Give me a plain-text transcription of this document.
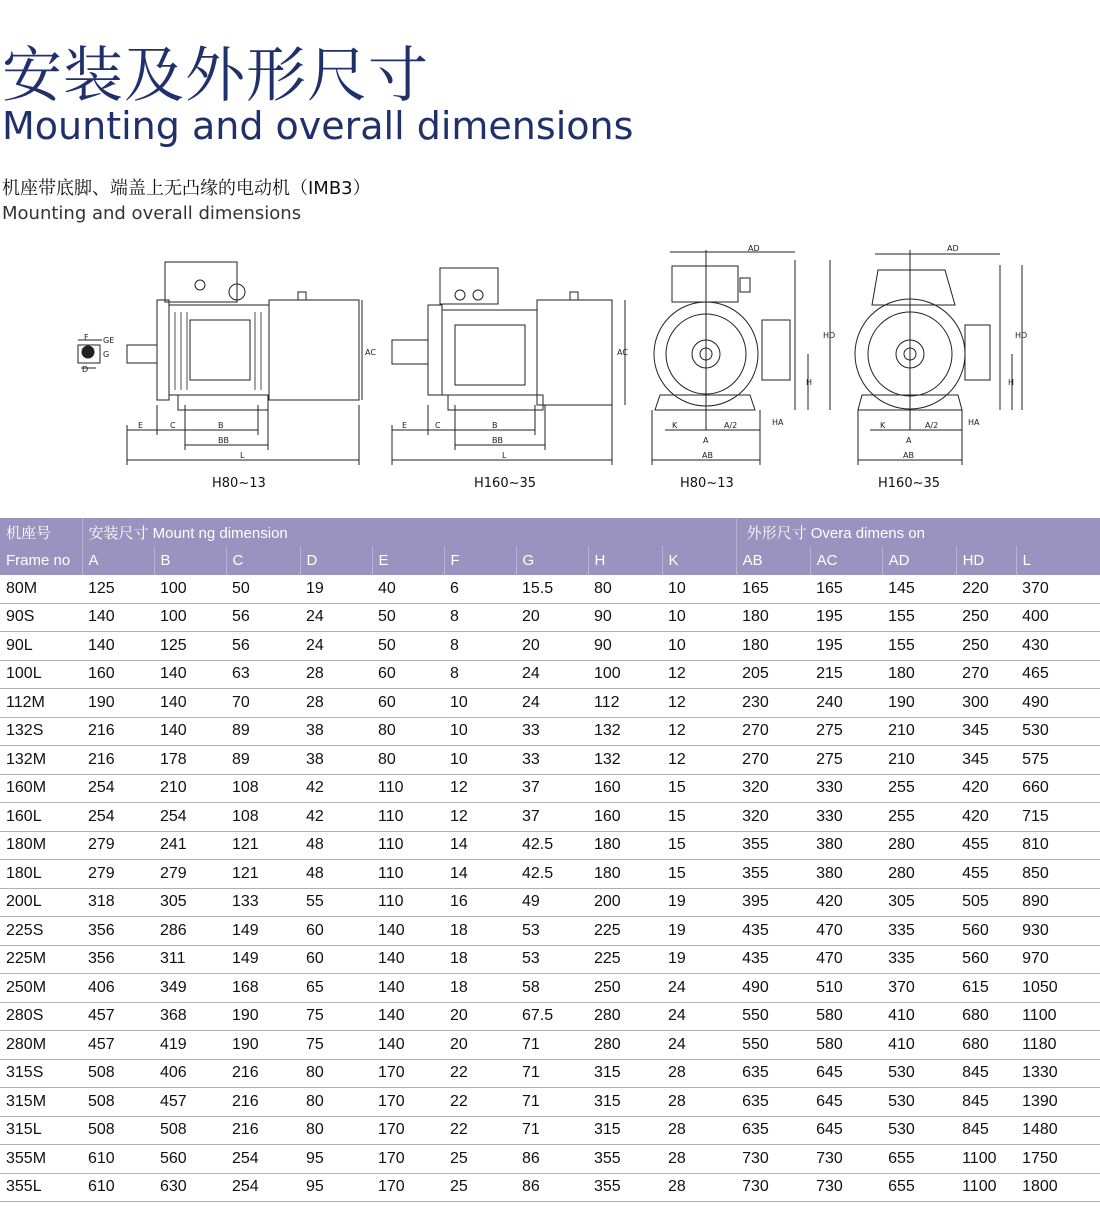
安装及外形尺寸
Mounting and overall dimensions
机座带底脚、端盖上无凸缘的电动机（IMB3）
Mounting and overall dimensions
F GE
G
D
E	C	B
BB
L
AC
E	C	B
BB
L
AC
AD
HD
H
HA
K
A
A/2
AB
AD
HD
H
HA
K
A
A/2
AB
H80~13	H160~35	H80~13	H160~35
机座号	安装尺寸 Mount ng dimension									外形尺寸 Overa dimens on				
Frame no	A	B	C	D	E	F	G	H	K	AB	AC	AD	HD	L
80M	125	100	50	19	40	6	15.5	80	10	165	165	145	220	370
90S	140	100	56	24	50	8	20	90	10	180	195	155	250	400
90L	140	125	56	24	50	8	20	90	10	180	195	155	250	430
100L	160	140	63	28	60	8	24	100	12	205	215	180	270	465
112M	190	140	70	28	60	10	24	112	12	230	240	190	300	490
132S	216	140	89	38	80	10	33	132	12	270	275	210	345	530
132M	216	178	89	38	80	10	33	132	12	270	275	210	345	575
160M	254	210	108	42	110	12	37	160	15	320	330	255	420	660
160L	254	254	108	42	110	12	37	160	15	320	330	255	420	715
180M	279	241	121	48	110	14	42.5	180	15	355	380	280	455	810
180L	279	279	121	48	110	14	42.5	180	15	355	380	280	455	850
200L	318	305	133	55	110	16	49	200	19	395	420	305	505	890
225S	356	286	149	60	140	18	53	225	19	435	470	335	560	930
225M	356	311	149	60	140	18	53	225	19	435	470	335	560	970
250M	406	349	168	65	140	18	58	250	24	490	510	370	615	1050
280S	457	368	190	75	140	20	67.5	280	24	550	580	410	680	1100
280M	457	419	190	75	140	20	71	280	24	550	580	410	680	1180
315S	508	406	216	80	170	22	71	315	28	635	645	530	845	1330
315M	508	457	216	80	170	22	71	315	28	635	645	530	845	1390
315L	508	508	216	80	170	22	71	315	28	635	645	530	845	1480
355M	610	560	254	95	170	25	86	355	28	730	730	655	1100	1750
355L	610	630	254	95	170	25	86	355	28	730	730	655	1100	1800
